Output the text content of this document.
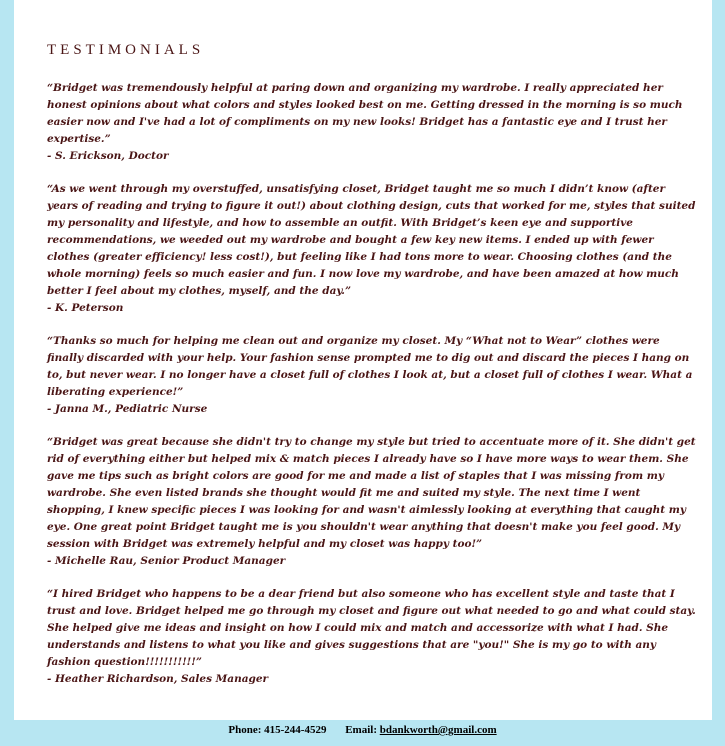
TESTIMONIALS

“Bridget was tremendously helpful at paring down and organizing my wardrobe. I really appreciated her honest opinions about what colors and styles looked best on me. Getting dressed in the morning is so much easier now and I've had a lot of compliments on my new looks! Bridget has a fantastic eye and I trust her expertise.”

- S. Erickson, Doctor

“As we went through my overstuffed, unsatisfying closet, Bridget taught me so much I didn’t know (after years of reading and trying to figure it out!) about clothing design, cuts that worked for me, styles that suited my personality and lifestyle, and how to assemble an outfit. With Bridget’s keen eye and supportive recommendations, we weeded out my wardrobe and bought a few key new items. I ended up with fewer clothes (greater efficiency! less cost!), but feeling like I had tons more to wear. Choosing clothes (and the whole morning) feels so much easier and fun. I now love my wardrobe, and have been amazed at how much better I feel about my clothes, myself, and the day.”

- K. Peterson

“Thanks so much for helping me clean out and organize my closet. My “What not to Wear” clothes were finally discarded with your help. Your fashion sense prompted me to dig out and discard the pieces I hang on to, but never wear. I no longer have a closet full of clothes I look at, but a closet full of clothes I wear. What a liberating experience!”

- Janna M., Pediatric Nurse

“Bridget was great because she didn't try to change my style but tried to accentuate more of it. She didn't get rid of everything either but helped mix & match pieces I already have so I have more ways to wear them. She gave me tips such as bright colors are good for me and made a list of staples that I was missing from my wardrobe. She even listed brands she thought would fit me and suited my style. The next time I went shopping, I knew specific pieces I was looking for and wasn't aimlessly looking at everything that caught my eye. One great point Bridget taught me is you shouldn't wear anything that doesn't make you feel good. My session with Bridget was extremely helpful and my closet was happy too!”

- Michelle Rau, Senior Product Manager

“I hired Bridget who happens to be a dear friend but also someone who has excellent style and taste that I trust and love. Bridget helped me go through my closet and figure out what needed to go and what could stay. She helped give me ideas and insight on how I could mix and match and accessorize with what I had. She understands and listens to what you like and gives suggestions that are "you!" She is my go to with any fashion question!!!!!!!!!!!”

- Heather Richardson, Sales Manager

Phone: 415-244-4529 Email: bdankworth@gmail.com
